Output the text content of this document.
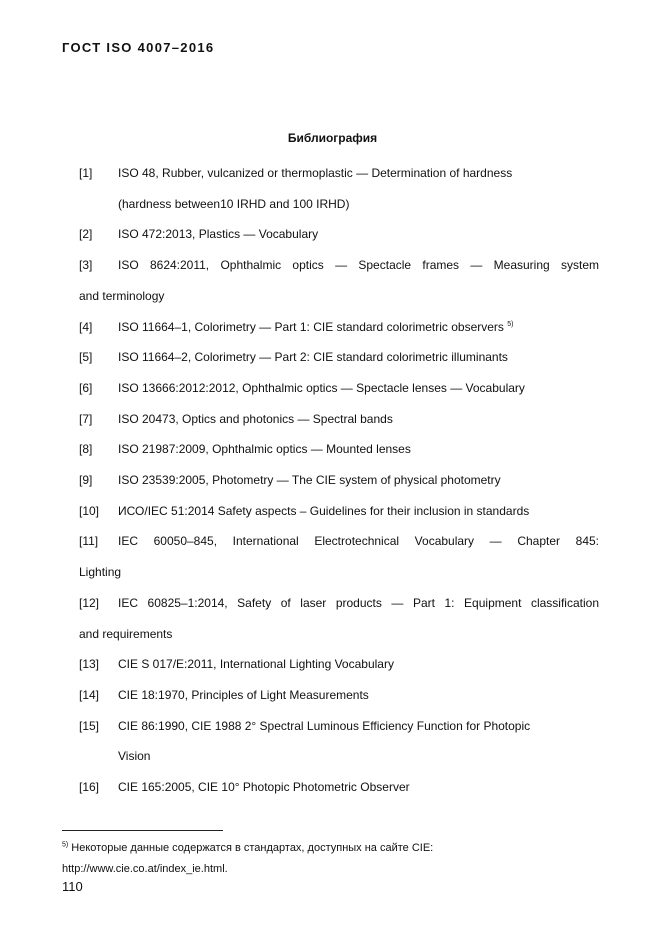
ГОСТ ISO 4007–2016
Библиография
[1]	ISO 48, Rubber, vulcanized or thermoplastic — Determination of hardness
(hardness between10 IRHD and 100 IRHD)
[2]	ISO 472:2013, Plastics — Vocabulary
[3]	ISO 8624:2011, Ophthalmic optics — Spectacle frames — Measuring system
and terminology
[4]	ISO 11664–1, Colorimetry — Part 1: CIE standard colorimetric observers $^{5)}$
[5]	ISO 11664–2, Colorimetry — Part 2: CIE standard colorimetric illuminants
[6]	ISO 13666:2012:2012, Ophthalmic optics — Spectacle lenses — Vocabulary
[7]	ISO 20473, Optics and photonics — Spectral bands
[8]	ISO 21987:2009, Ophthalmic optics — Mounted lenses
[9]	ISO 23539:2005, Photometry — The CIE system of physical photometry
[10]	ИСО/IEC 51:2014 Safety aspects – Guidelines for their inclusion in standards
[11]	IEC 60050–845, International Electrotechnical Vocabulary — Chapter 845:
Lighting
[12]	IEC 60825–1:2014, Safety of laser products — Part 1: Equipment classification
and requirements
[13]	CIE S 017/E:2011, International Lighting Vocabulary
[14]	CIE 18:1970, Principles of Light Measurements
[15]	CIE 86:1990, CIE 1988 2° Spectral Luminous Efficiency Function for Photopic
Vision
[16]	CIE 165:2005, CIE 10° Photopic Photometric Observer
$^{5)}$ Некоторые данные содержатся в стандартах, доступных на сайте CIE:
http://www.cie.co.at/index_ie.html.
110
